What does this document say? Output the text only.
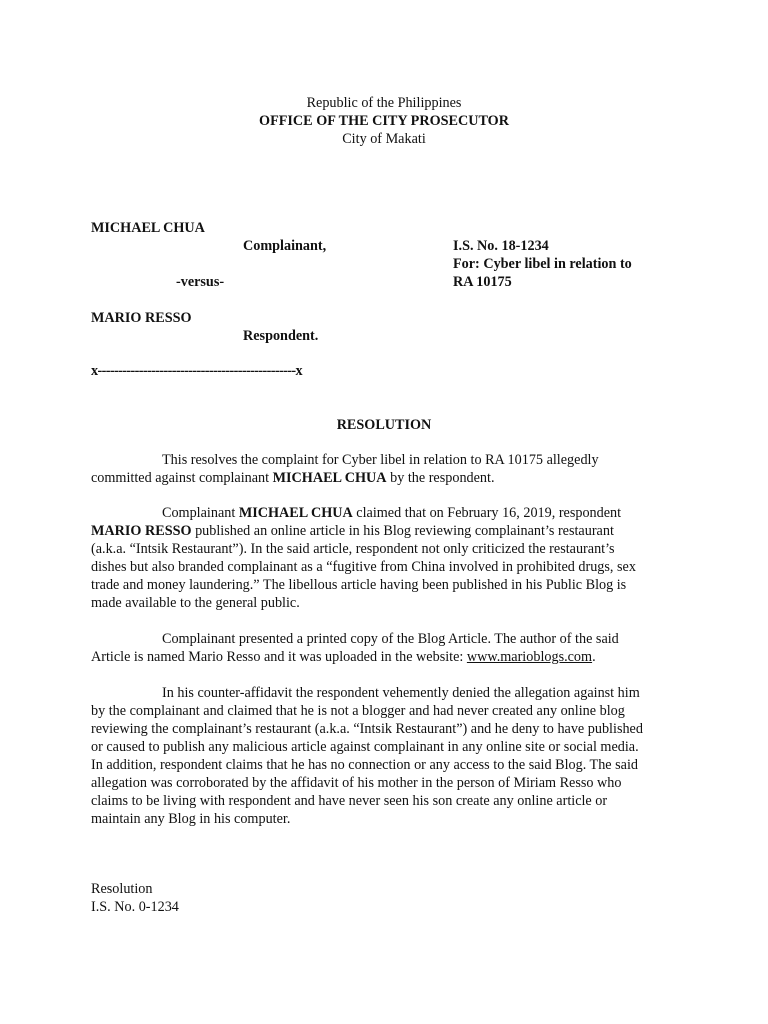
Republic of the Philippines
OFFICE OF THE CITY PROSECUTOR
City of Makati
MICHAEL CHUA
Complainant,	I.S. No. 18-1234
For: Cyber libel in relation to
-versus-	RA 10175
MARIO RESSO
Respondent.
x------------------------------------------------x
RESOLUTION
This resolves the complaint for Cyber libel in relation to RA 10175 allegedly
committed against complainant MICHAEL CHUA by the respondent.
Complainant MICHAEL CHUA claimed that on February 16, 2019, respondent
MARIO RESSO published an online article in his Blog reviewing complainant’s restaurant
(a.k.a. “Intsik Restaurant”). In the said article, respondent not only criticized the restaurant’s
dishes but also branded complainant as a “fugitive from China involved in prohibited drugs, sex
trade and money laundering.” The libellous article having been published in his Public Blog is
made available to the general public.
Complainant presented a printed copy of the Blog Article. The author of the said
Article is named Mario Resso and it was uploaded in the website: www.marioblogs.com.
In his counter-affidavit the respondent vehemently denied the allegation against him
by the complainant and claimed that he is not a blogger and had never created any online blog
reviewing the complainant’s restaurant (a.k.a. “Intsik Restaurant”) and he deny to have published
or caused to publish any malicious article against complainant in any online site or social media.
In addition, respondent claims that he has no connection or any access to the said Blog. The said
allegation was corroborated by the affidavit of his mother in the person of Miriam Resso who
claims to be living with respondent and have never seen his son create any online article or
maintain any Blog in his computer.
Resolution
I.S. No. 0-1234
